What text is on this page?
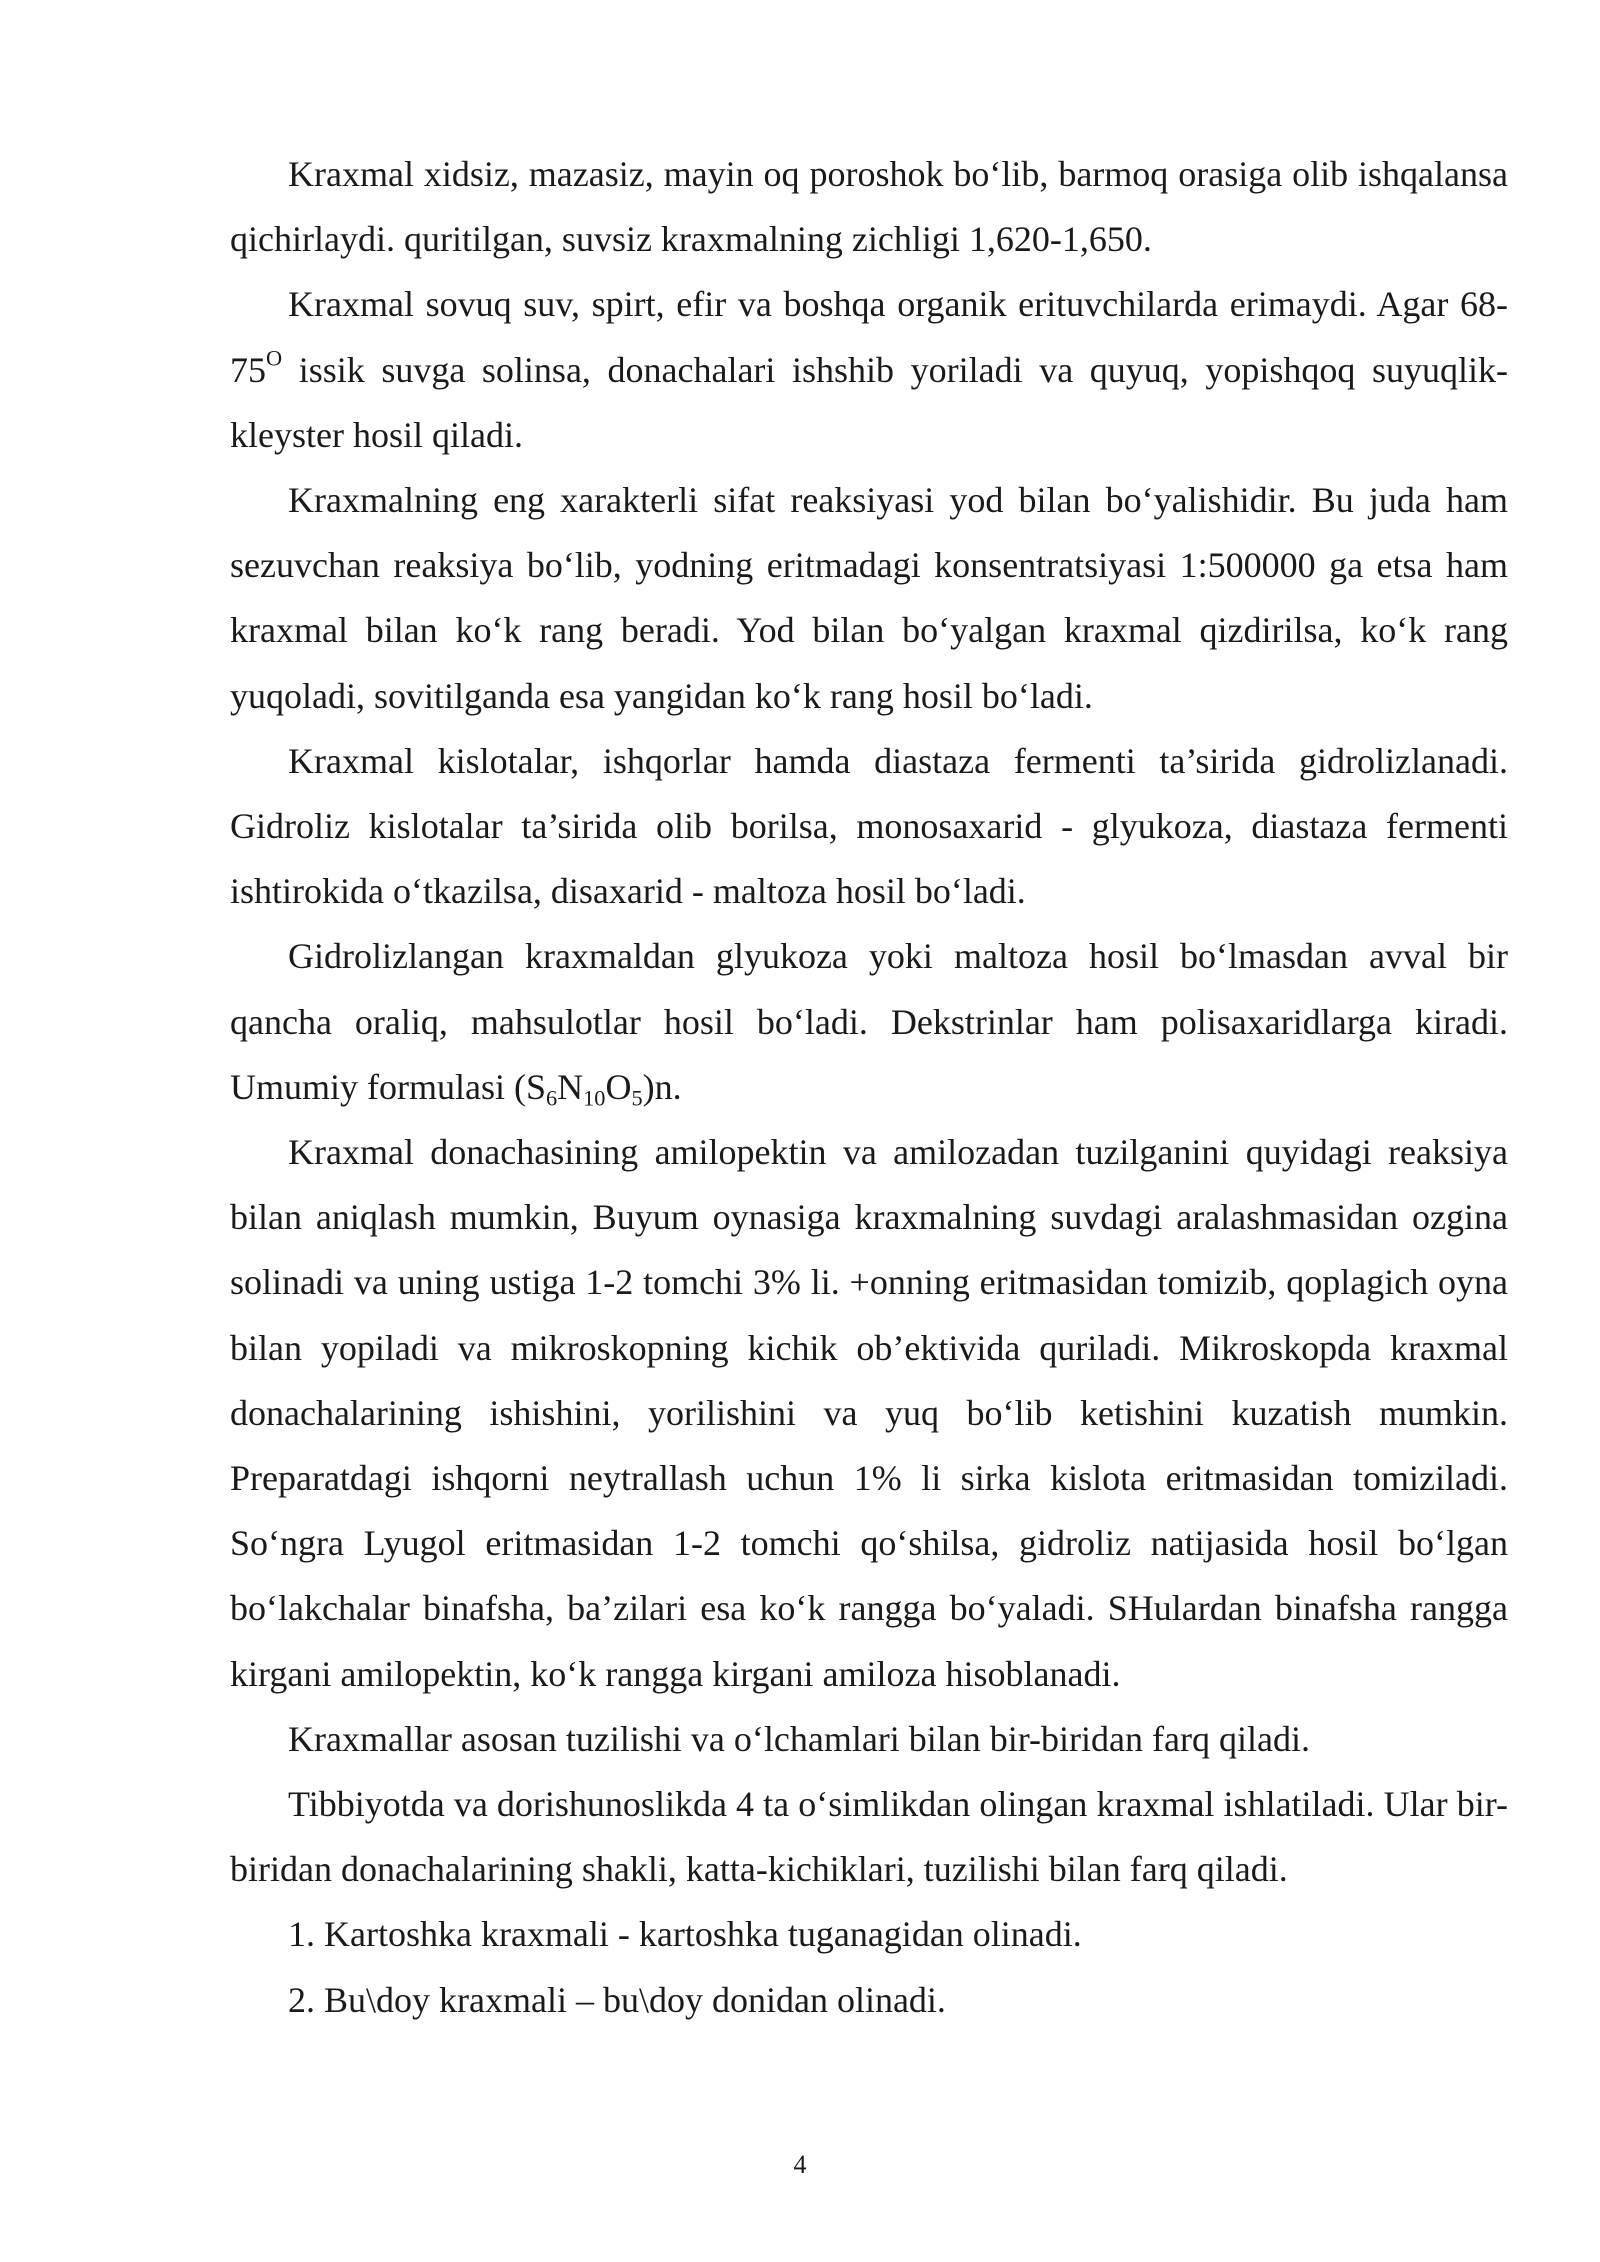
Kraxmal xidsiz, mazasiz, mayin oq poroshok bo‘lib, barmoq orasiga olib ishqalansa qichirlaydi. quritilgan, suvsiz kraxmalning zichligi 1,620-1,650.

Kraxmal sovuq suv, spirt, efir va boshqa organik erituvchilarda erimaydi. Agar $68-75^O$ issik suvga solinsa, donachalari ishshib yoriladi va quyuq, yopishqoq suyuqlik-kleyster hosil qiladi.

Kraxmalning eng xarakterli sifat reaksiyasi yod bilan bo‘yalishidir. Bu juda ham sezuvchan reaksiya bo‘lib, yodning eritmadagi konsentratsiyasi 1:500000 ga etsa ham kraxmal bilan ko‘k rang beradi. Yod bilan bo‘yalgan kraxmal qizdirilsa, ko‘k rang yuqoladi, sovitilganda esa yangidan ko‘k rang hosil bo‘ladi.

Kraxmal kislotalar, ishqorlar hamda diastaza fermenti ta’sirida gidrolizlanadi. Gidroliz kislotalar ta’sirida olib borilsa, monosaxarid - glyukoza, diastaza fermenti ishtirokida o‘tkazilsa, disaxarid - maltoza hosil bo‘ladi.

Gidrolizlangan kraxmaldan glyukoza yoki maltoza hosil bo‘lmasdan avval bir qancha oraliq, mahsulotlar hosil bo‘ladi. Dekstrinlar ham polisaxaridlarga kiradi. Umumiy formulasi $(S_6N_{10}O_5)n$.

Kraxmal donachasining amilopektin va amilozadan tuzilganini quyidagi reaksiya bilan aniqlash mumkin, Buyum oynasiga kraxmalning suvdagi aralashmasidan ozgina solinadi va uning ustiga 1-2 tomchi 3% li. +onning eritmasidan tomizib, qoplagich oyna bilan yopiladi va mikroskopning kichik ob’ektivida quriladi. Mikroskopda kraxmal donachalarining ishishini, yorilishini va yuq bo‘lib ketishini kuzatish mumkin. Preparatdagi ishqorni neytrallash uchun 1% li sirka kislota eritmasidan tomiziladi. So‘ngra Lyugol eritmasidan 1-2 tomchi qo‘shilsa, gidroliz natijasida hosil bo‘lgan bo‘lakchalar binafsha, ba’zilari esa ko‘k rangga bo‘yaladi. SHulardan binafsha rangga kirgani amilopektin, ko‘k rangga kirgani amiloza hisoblanadi.

Kraxmallar asosan tuzilishi va o‘lchamlari bilan bir-biridan farq qiladi.

Tibbiyotda va dorishunoslikda 4 ta o‘simlikdan olingan kraxmal ishlatiladi. Ular bir-biridan donachalarining shakli, katta-kichiklari, tuzilishi bilan farq qiladi.

1. Kartoshka kraxmali - kartoshka tuganagidan olinadi.

2. Bu\doy kraxmali – bu\doy donidan olinadi.

4
